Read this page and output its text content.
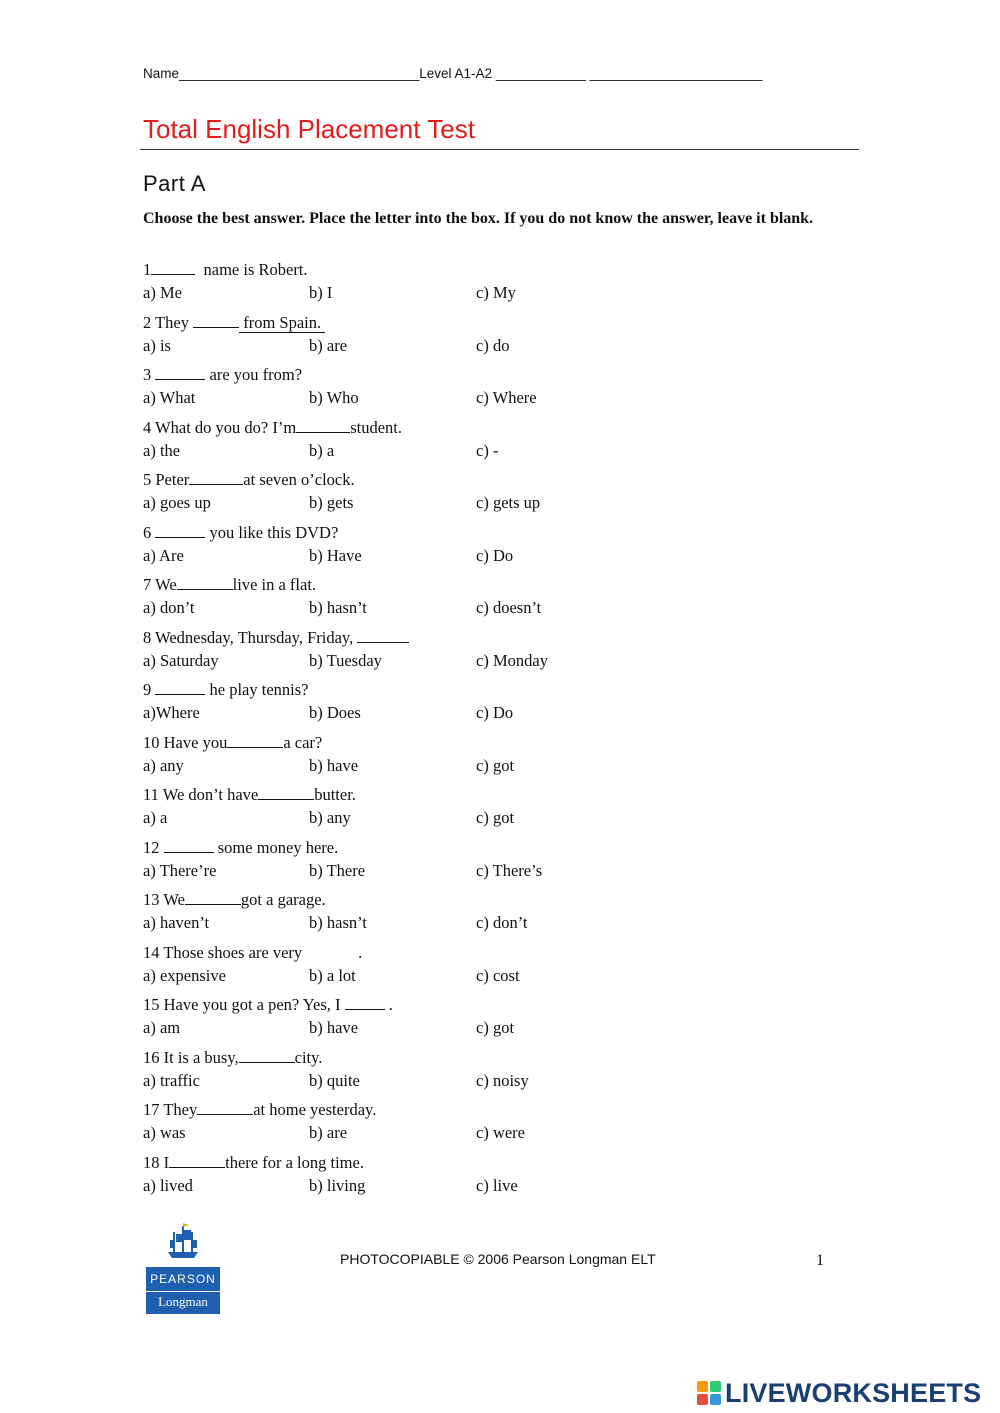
Name________________________________Level A1-A2 ____________ _______________________
Total English Placement Test
Part A
Choose the best answer. Place the letter into the box. If you do not know the answer, leave it blank.
1	name is Robert.
a) Me	b) I	c) My
2 They	from Spain.
a) is	b) are	c) do
3	are you from?
a) What	b) Who	c) Where
4 What do you do? I’m	student.
a) the	b) a	c) -
5 Peter	at seven o’clock.
a) goes up	b) gets	c) gets up
6	you like this DVD?
a) Are	b) Have	c) Do
7 We	live in a flat.
a) don’t	b) hasn’t	c) doesn’t
8 Wednesday, Thursday, Friday,
a) Saturday	b) Tuesday	c) Monday
9	he play tennis?
a)Where	b) Does	c) Do
10 Have you	a car?
a) any	b) have	c) got
11 We don’t have	butter.
a) a	b) any	c) got
12	some money here.
a) There’re	b) There	c) There’s
13 We	got a garage.
a) haven’t	b) hasn’t	c) don’t
14 Those shoes are very	.
a) expensive	b) a lot	c) cost
15 Have you got a pen? Yes, I  .
a) am	b) have	c) got
16 It is a busy,	city.
a) traffic	b) quite	c) noisy
17 They	at home yesterday.
a) was	b) are	c) were
18 I	there for a long time.
a) lived	b) living	c) live
PEARSON
Longman
PHOTOCOPIABLE © 2006 Pearson Longman ELT	1
LIVEWORKSHEETS
